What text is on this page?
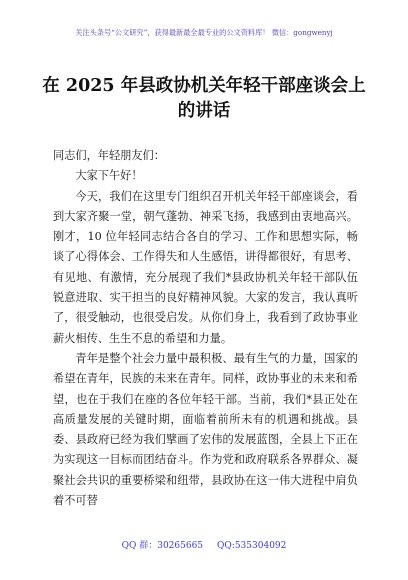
关注头条号“公文研究”，获得最新最全最专业的公文资料库！ 微信：gongwenyj
在 2025 年县政协机关年轻干部座谈会上的讲话

同志们，年轻朋友们：

大家下午好！

今天，我们在这里专门组织召开机关年轻干部座谈会，看到大家齐聚一堂，朝气蓬勃、神采飞扬，我感到由衷地高兴。刚才，10 位年轻同志结合各自的学习、工作和思想实际，畅谈了心得体会、工作得失和人生感悟，讲得都很好，有思考、有见地、有激情，充分展现了我们*县政协机关年轻干部队伍锐意进取、实干担当的良好精神风貌。大家的发言，我认真听了，很受触动，也很受启发。从你们身上，我看到了政协事业薪火相传、生生不息的希望和力量。

青年是整个社会力量中最积极、最有生气的力量，国家的希望在青年，民族的未来在青年。同样，政协事业的未来和希望，也在于我们在座的各位年轻干部。当前，我们*县正处在高质量发展的关键时期，面临着前所未有的机遇和挑战。县委、县政府已经为我们擘画了宏伟的发展蓝图，全县上下正在为实现这一目标而团结奋斗。作为党和政府联系各界群众、凝聚社会共识的重要桥梁和纽带，县政协在这一伟大进程中肩负着不可替

QQ 群：30265665 QQ:535304092
